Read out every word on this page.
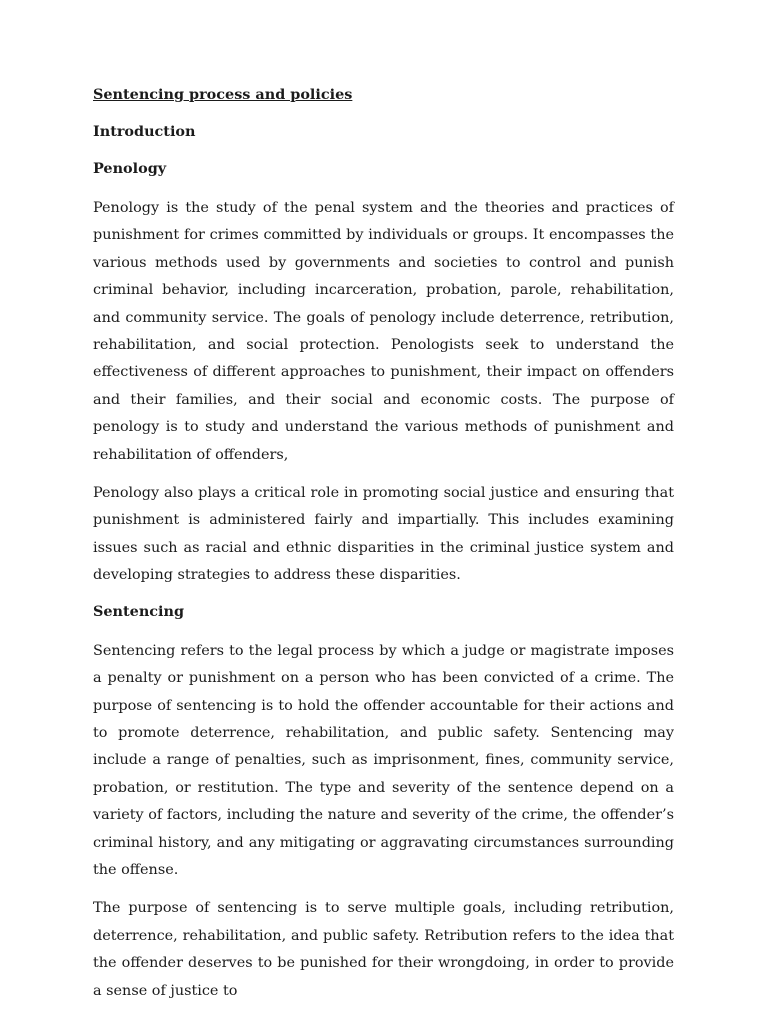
Sentencing process and policies

Introduction

Penology

Penology is the study of the penal system and the theories and practices of punishment for crimes committed by individuals or groups. It encompasses the various methods used by governments and societies to control and punish criminal behavior, including incarceration, probation, parole, rehabilitation, and community service. The goals of penology include deterrence, retribution, rehabilitation, and social protection. Penologists seek to understand the effectiveness of different approaches to punishment, their impact on offenders and their families, and their social and economic costs. The purpose of penology is to study and understand the various methods of punishment and rehabilitation of offenders,

Penology also plays a critical role in promoting social justice and ensuring that punishment is administered fairly and impartially. This includes examining issues such as racial and ethnic disparities in the criminal justice system and developing strategies to address these disparities.

Sentencing

Sentencing refers to the legal process by which a judge or magistrate imposes a penalty or punishment on a person who has been convicted of a crime. The purpose of sentencing is to hold the offender accountable for their actions and to promote deterrence, rehabilitation, and public safety. Sentencing may include a range of penalties, such as imprisonment, fines, community service, probation, or restitution. The type and severity of the sentence depend on a variety of factors, including the nature and severity of the crime, the offender’s criminal history, and any mitigating or aggravating circumstances surrounding the offense.

The purpose of sentencing is to serve multiple goals, including retribution, deterrence, rehabilitation, and public safety. Retribution refers to the idea that the offender deserves to be punished for their wrongdoing, in order to provide a sense of justice to
